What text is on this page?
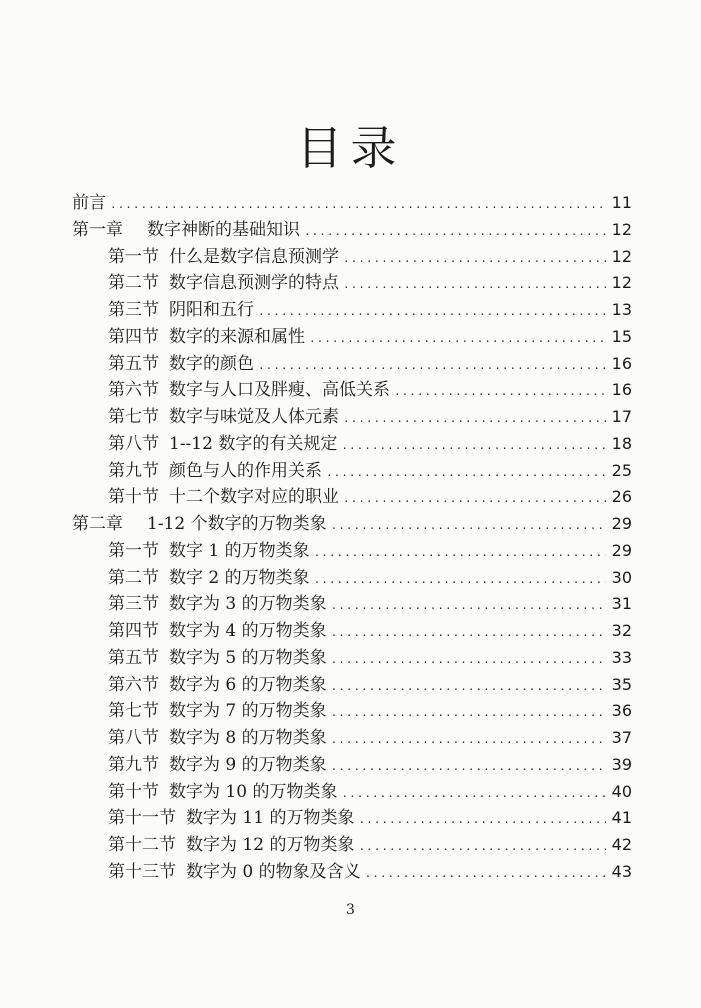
目录
前言 .....	11
第一章 数字神断的基础知识 .....	12
第一节 什么是数字信息预测学 .....	12
第二节 数字信息预测学的特点 .....	12
第三节 阴阳和五行 .....	13
第四节 数字的来源和属性 .....	15
第五节 数字的颜色 .....	16
第六节 数字与人口及胖瘦、高低关系 .....	16
第七节 数字与味觉及人体元素 .....	17
第八节 1--12 数字的有关规定 .....	18
第九节 颜色与人的作用关系 .....	25
第十节 十二个数字对应的职业 .....	26
第二章 1-12 个数字的万物类象 .....	29
第一节 数字 1 的万物类象 .....	29
第二节 数字 2 的万物类象 .....	30
第三节 数字为 3 的万物类象 .....	31
第四节 数字为 4 的万物类象 .....	32
第五节 数字为 5 的万物类象 .....	33
第六节 数字为 6 的万物类象 .....	35
第七节 数字为 7 的万物类象 .....	36
第八节 数字为 8 的万物类象 .....	37
第九节 数字为 9 的万物类象 .....	39
第十节 数字为 10 的万物类象 .....	40
第十一节 数字为 11 的万物类象 .....	41
第十二节 数字为 12 的万物类象 .....	42
第十三节 数字为 0 的物象及含义 .....	43
3
